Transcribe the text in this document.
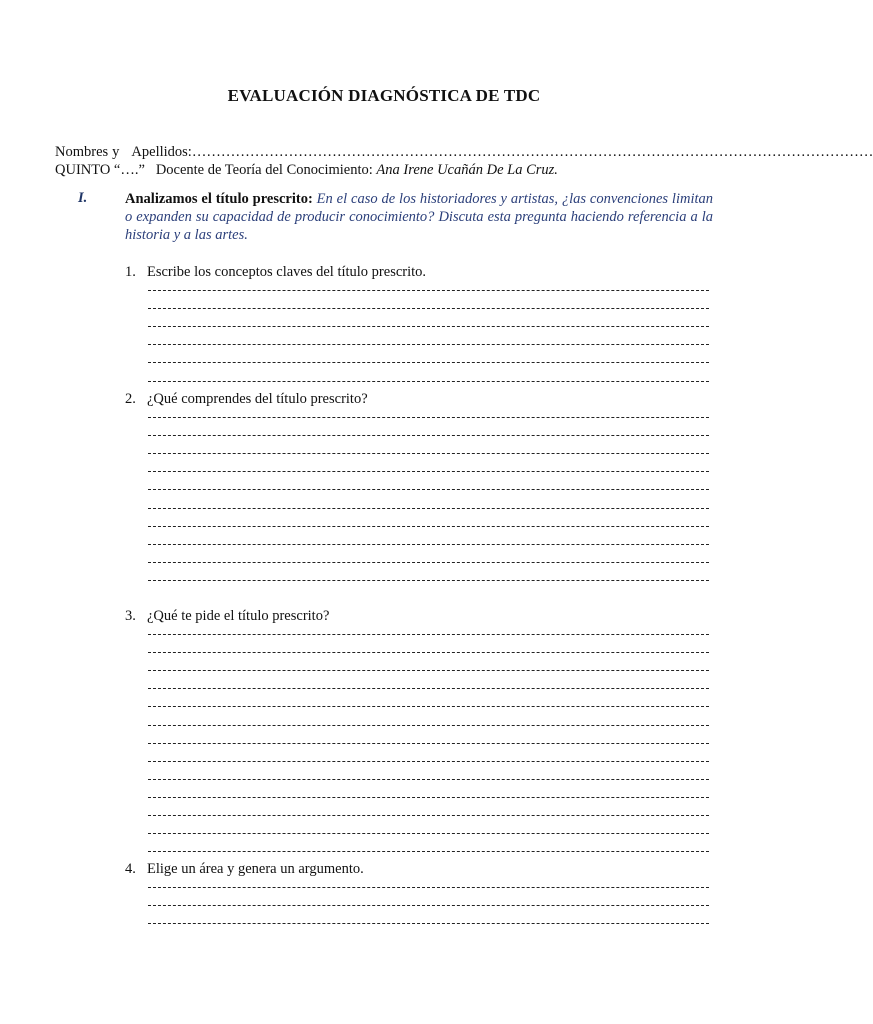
EVALUACIÓN DIAGNÓSTICA DE TDC
Nombres y Apellidos: ……………………………………………………………………………………………………………………………
QUINTO “….” Docente de Teoría del Conocimiento: Ana Irene Ucañán De La Cruz.
I.	Analizamos el título prescrito: En el caso de los historiadores y artistas, ¿las convenciones limitan o expanden su capacidad de producir conocimiento? Discuta esta pregunta haciendo referencia a la historia y a las artes.
1. Escribe los conceptos claves del título prescrito.
2. ¿Qué comprendes del título prescrito?
3. ¿Qué te pide el título prescrito?
4. Elige un área y genera un argumento.
